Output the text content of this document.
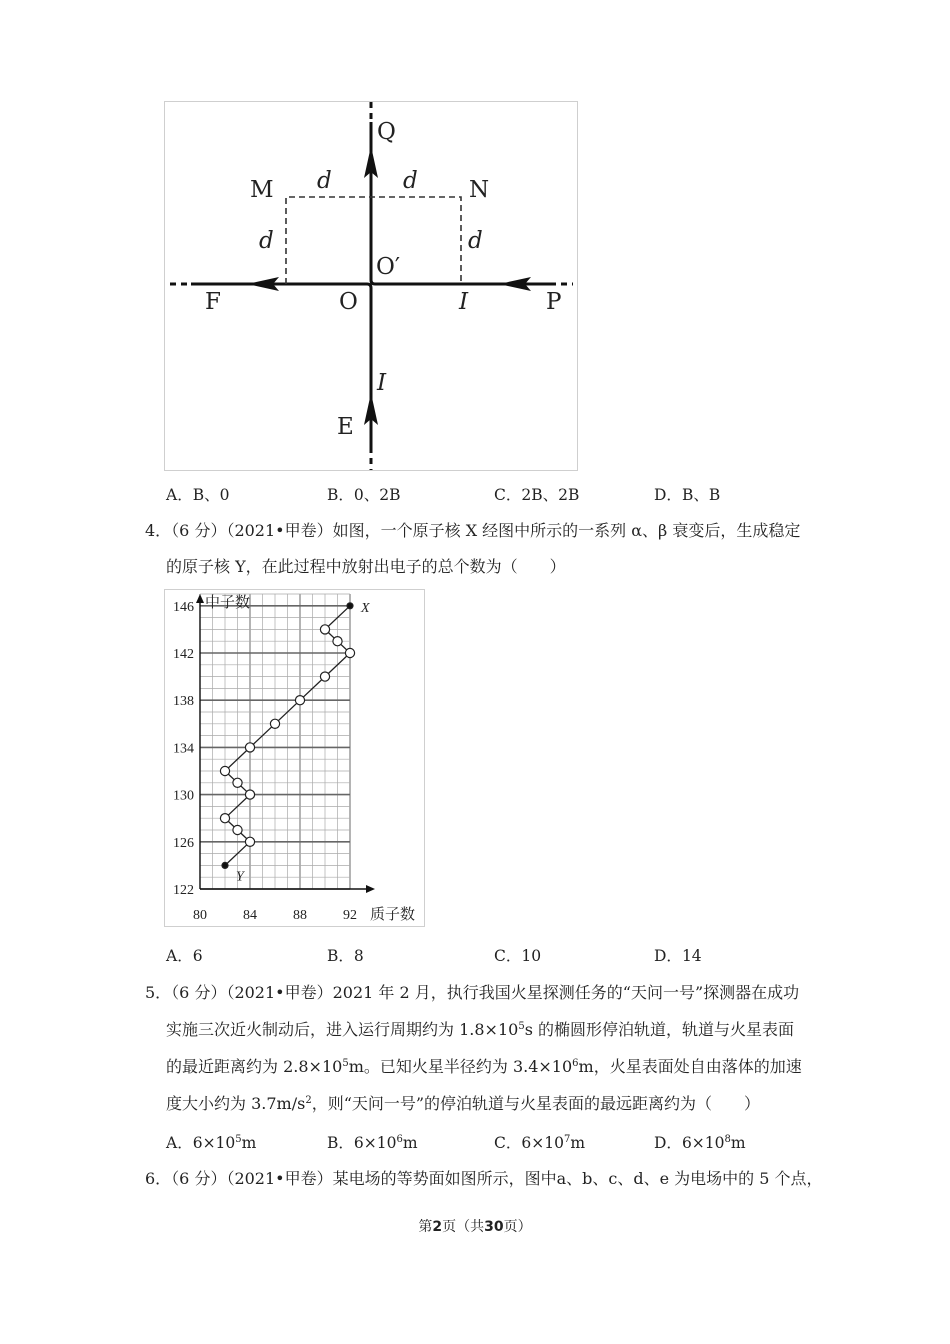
Q
M	N
d	d
d	d
O′
F	O	I	P
I
E
A．B、0	B．0、2B	C．2B、2B	D．B、B
4．（6 分）（2021•甲卷）如图，一个原子核 X 经图中所示的一系列 α、β 衰变后，生成稳定
的原子核 Y，在此过程中放射出电子的总个数为（　　）
122
126
130
134
138
142
146
80	84	88	92
中子数
质子数
X
Y
A．6	B．8	C．10	D．14
5．（6 分）（2021•甲卷）2021 年 2 月，执行我国火星探测任务的“天问一号”探测器在成功
实施三次近火制动后，进入运行周期约为 $1.8\times 10^5s$ 的椭圆形停泊轨道，轨道与火星表面
的最近距离约为 $2.8\times 10^5m$。已知火星半径约为 $3.4\times 10^6m$，火星表面处自由落体的加速
度大小约为 $3.7m/s^2$，则“天问一号”的停泊轨道与火星表面的最远距离约为（　　）
A．$6\times 10^5m$	B．$6\times 10^6m$	C．$6\times 10^7m$	D．$6\times 10^8m$
6．（6 分）（2021•甲卷）某电场的等势面如图所示，图中a、b、c、d、e 为电场中的 5 个点，
第2页（共30页）
